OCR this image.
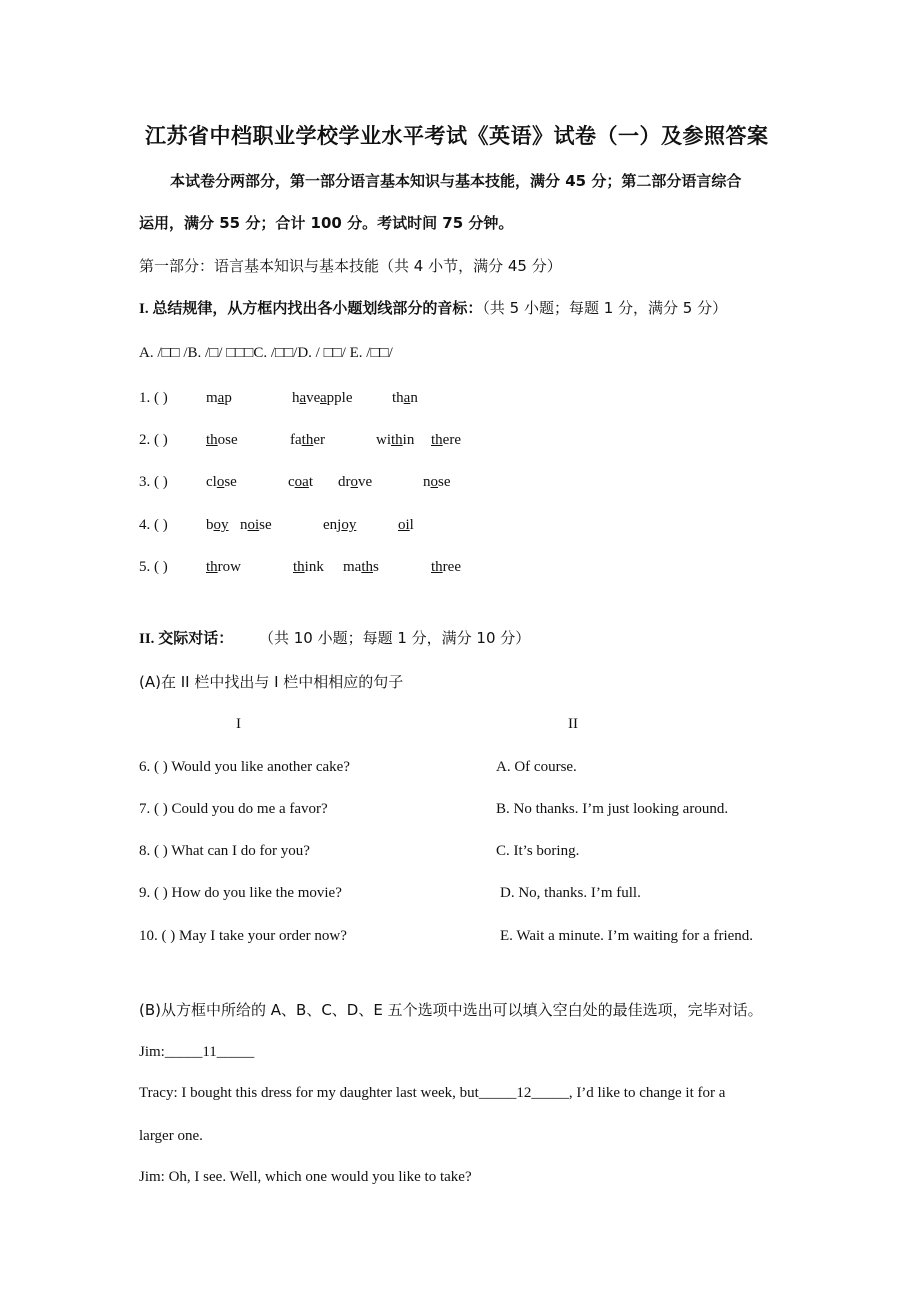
江苏省中档职业学校学业水平考试《英语》试卷（一）及参照答案
本试卷分两部分，第一部分语言基本知识与基本技能，满分 45 分；第二部分语言综合
运用，满分 55 分；合计 100 分。考试时间 75 分钟。
第一部分：语言基本知识与基本技能（共 4 小节，满分 45 分）
I. 总结规律，从方框内找出各小题划线部分的音标：（共 5 小题；每题 1 分，满分 5 分）
A. /□□ /B. /□/ □□□C. /□□/D. / □□/ E. /□□/
1. ( )	map	have apple	than
2. ( )	those	father	within there
3. ( )	close	coat drove	nose
4. ( )	boy noise	enjoy	oil
5. ( )	throw	think maths	three
II. 交际对话： （共 10 小题；每题 1 分，满分 10 分）
(A)在 II 栏中找出与 I 栏中相相应的句子
I	II
6. ( ) Would you like another cake?	A. Of course.
7. ( ) Could you do me a favor?	B. No thanks. I’m just looking around.
8. ( ) What can I do for you?	C. It’s boring.
9. ( ) How do you like the movie?	D. No, thanks. I’m full.
10. ( ) May I take your order now?	E. Wait a minute. I’m waiting for a friend.
(B)从方框中所给的 A、B、C、D、E 五个选项中选出可以填入空白处的最佳选项，完毕对话。
Jim:_____11_____
Tracy: I bought this dress for my daughter last week, but_____12_____, I’d like to change it for a
larger one.
Jim: Oh, I see. Well, which one would you like to take?
